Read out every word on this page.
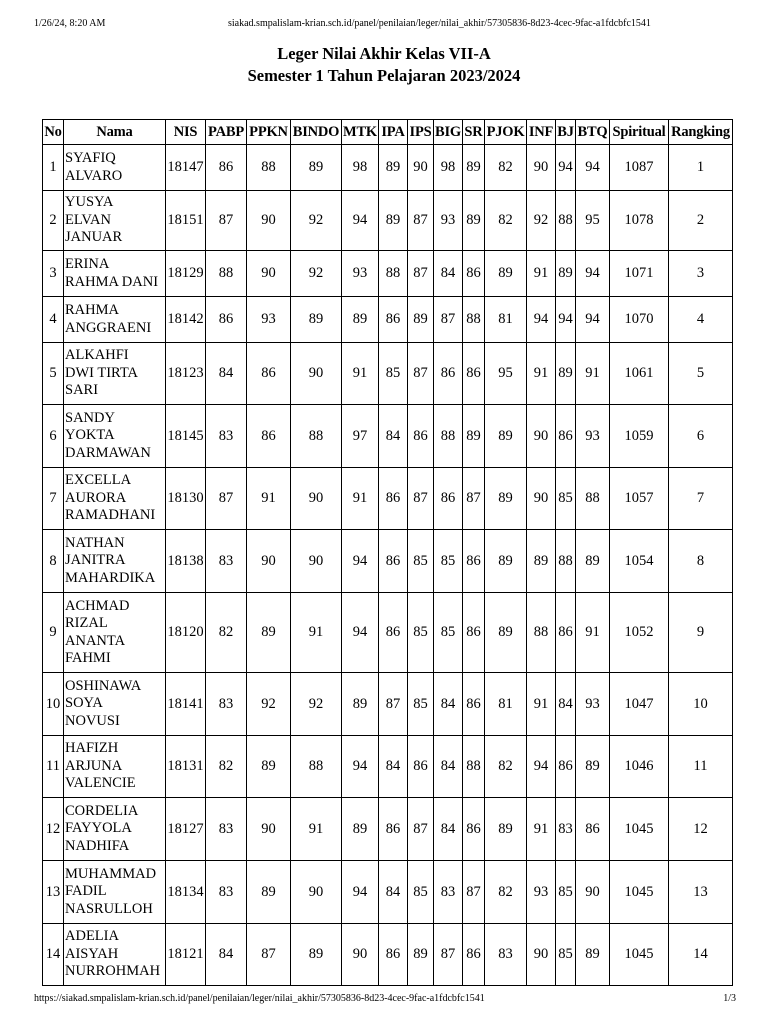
1/26/24, 8:20 AM	siakad.smpalislam-krian.sch.id/panel/penilaian/leger/nilai_akhir/57305836-8d23-4cec-9fac-a1fdcbfc1541
Leger Nilai Akhir Kelas VII-A
Semester 1 Tahun Pelajaran 2023/2024
No	Nama	NIS	PABP	PPKN	BINDO	MTK	IPA	IPS	BIG	SR	PJOK	INF	BJ	BTQ	Spiritual	Rangking
1	SYAFIQ
ALVARO	18147	86	88	89	98	89	90	98	89	82	90	94	94	1087	1
2	YUSYA
ELVAN
JANUAR	18151	87	90	92	94	89	87	93	89	82	92	88	95	1078	2
3	ERINA
RAHMA DANI	18129	88	90	92	93	88	87	84	86	89	91	89	94	1071	3
4	RAHMA
ANGGRAENI	18142	86	93	89	89	86	89	87	88	81	94	94	94	1070	4
5	ALKAHFI
DWI TIRTA
SARI	18123	84	86	90	91	85	87	86	86	95	91	89	91	1061	5
6	SANDY
YOKTA
DARMAWAN	18145	83	86	88	97	84	86	88	89	89	90	86	93	1059	6
7	EXCELLA
AURORA
RAMADHANI	18130	87	91	90	91	86	87	86	87	89	90	85	88	1057	7
8	NATHAN
JANITRA
MAHARDIKA	18138	83	90	90	94	86	85	85	86	89	89	88	89	1054	8
9	ACHMAD
RIZAL
ANANTA
FAHMI	18120	82	89	91	94	86	85	85	86	89	88	86	91	1052	9
10	OSHINAWA
SOYA
NOVUSI	18141	83	92	92	89	87	85	84	86	81	91	84	93	1047	10
11	HAFIZH
ARJUNA
VALENCIE	18131	82	89	88	94	84	86	84	88	82	94	86	89	1046	11
12	CORDELIA
FAYYOLA
NADHIFA	18127	83	90	91	89	86	87	84	86	89	91	83	86	1045	12
13	MUHAMMAD
FADIL
NASRULLOH	18134	83	89	90	94	84	85	83	87	82	93	85	90	1045	13
14	ADELIA
AISYAH
NURROHMAH	18121	84	87	89	90	86	89	87	86	83	90	85	89	1045	14
https://siakad.smpalislam-krian.sch.id/panel/penilaian/leger/nilai_akhir/57305836-8d23-4cec-9fac-a1fdcbfc1541	1/3
